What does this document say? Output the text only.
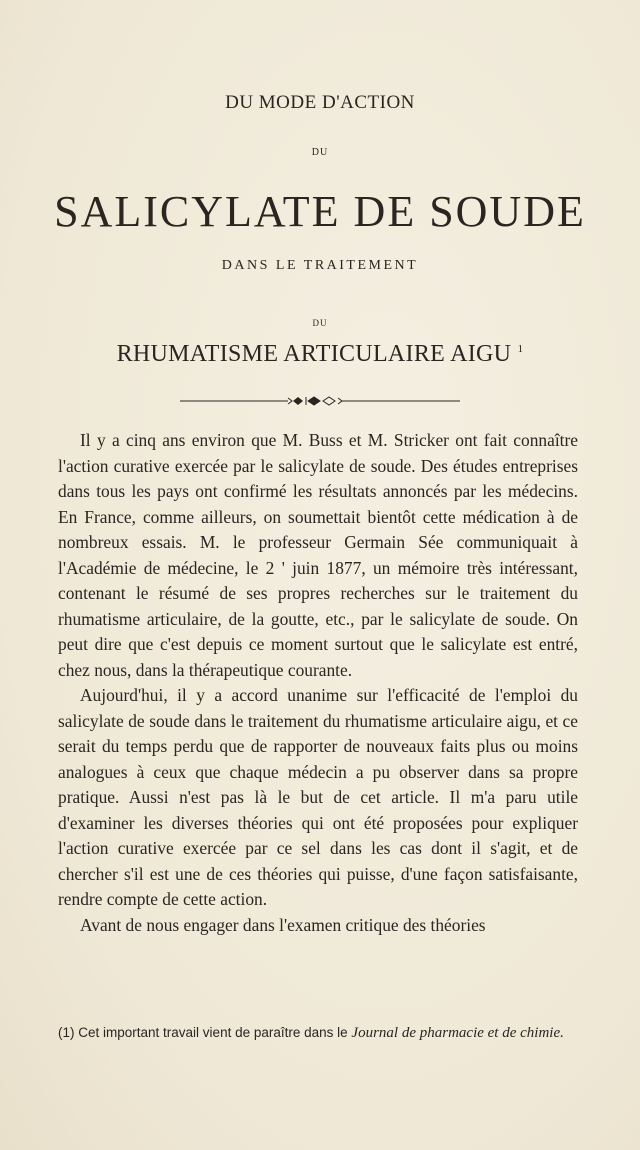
DU MODE D'ACTION
DU
SALICYLATE DE SOUDE
DANS LE TRAITEMENT
DU
RHUMATISME ARTICULAIRE AIGU $^1$

Il y a cinq ans environ que M. Buss et M. Stricker ont fait connaître l'action curative exercée par le salicylate de soude. Des études entreprises dans tous les pays ont confirmé les résultats annoncés par les médecins. En France, comme ailleurs, on soumettait bientôt cette médication à de nombreux essais. M. le professeur Germain Sée communiquait à l'Académie de médecine, le 2 ' juin 1877, un mémoire très intéressant, contenant le résumé de ses propres recherches sur le traitement du rhumatisme articulaire, de la goutte, etc., par le salicylate de soude. On peut dire que c'est depuis ce moment surtout que le salicylate est entré, chez nous, dans la thérapeutique courante.

Aujourd'hui, il y a accord unanime sur l'efficacité de l'emploi du salicylate de soude dans le traitement du rhumatisme articulaire aigu, et ce serait du temps perdu que de rapporter de nouveaux faits plus ou moins analogues à ceux que chaque médecin a pu observer dans sa propre pratique. Aussi n'est pas là le but de cet article. Il m'a paru utile d'examiner les diverses théories qui ont été proposées pour expliquer l'action curative exercée par ce sel dans les cas dont il s'agit, et de chercher s'il est une de ces théories qui puisse, d'une façon satisfaisante, rendre compte de cette action.

Avant de nous engager dans l'examen critique des théories

(1) Cet important travail vient de paraître dans le Journal de pharmacie et de chimie.
